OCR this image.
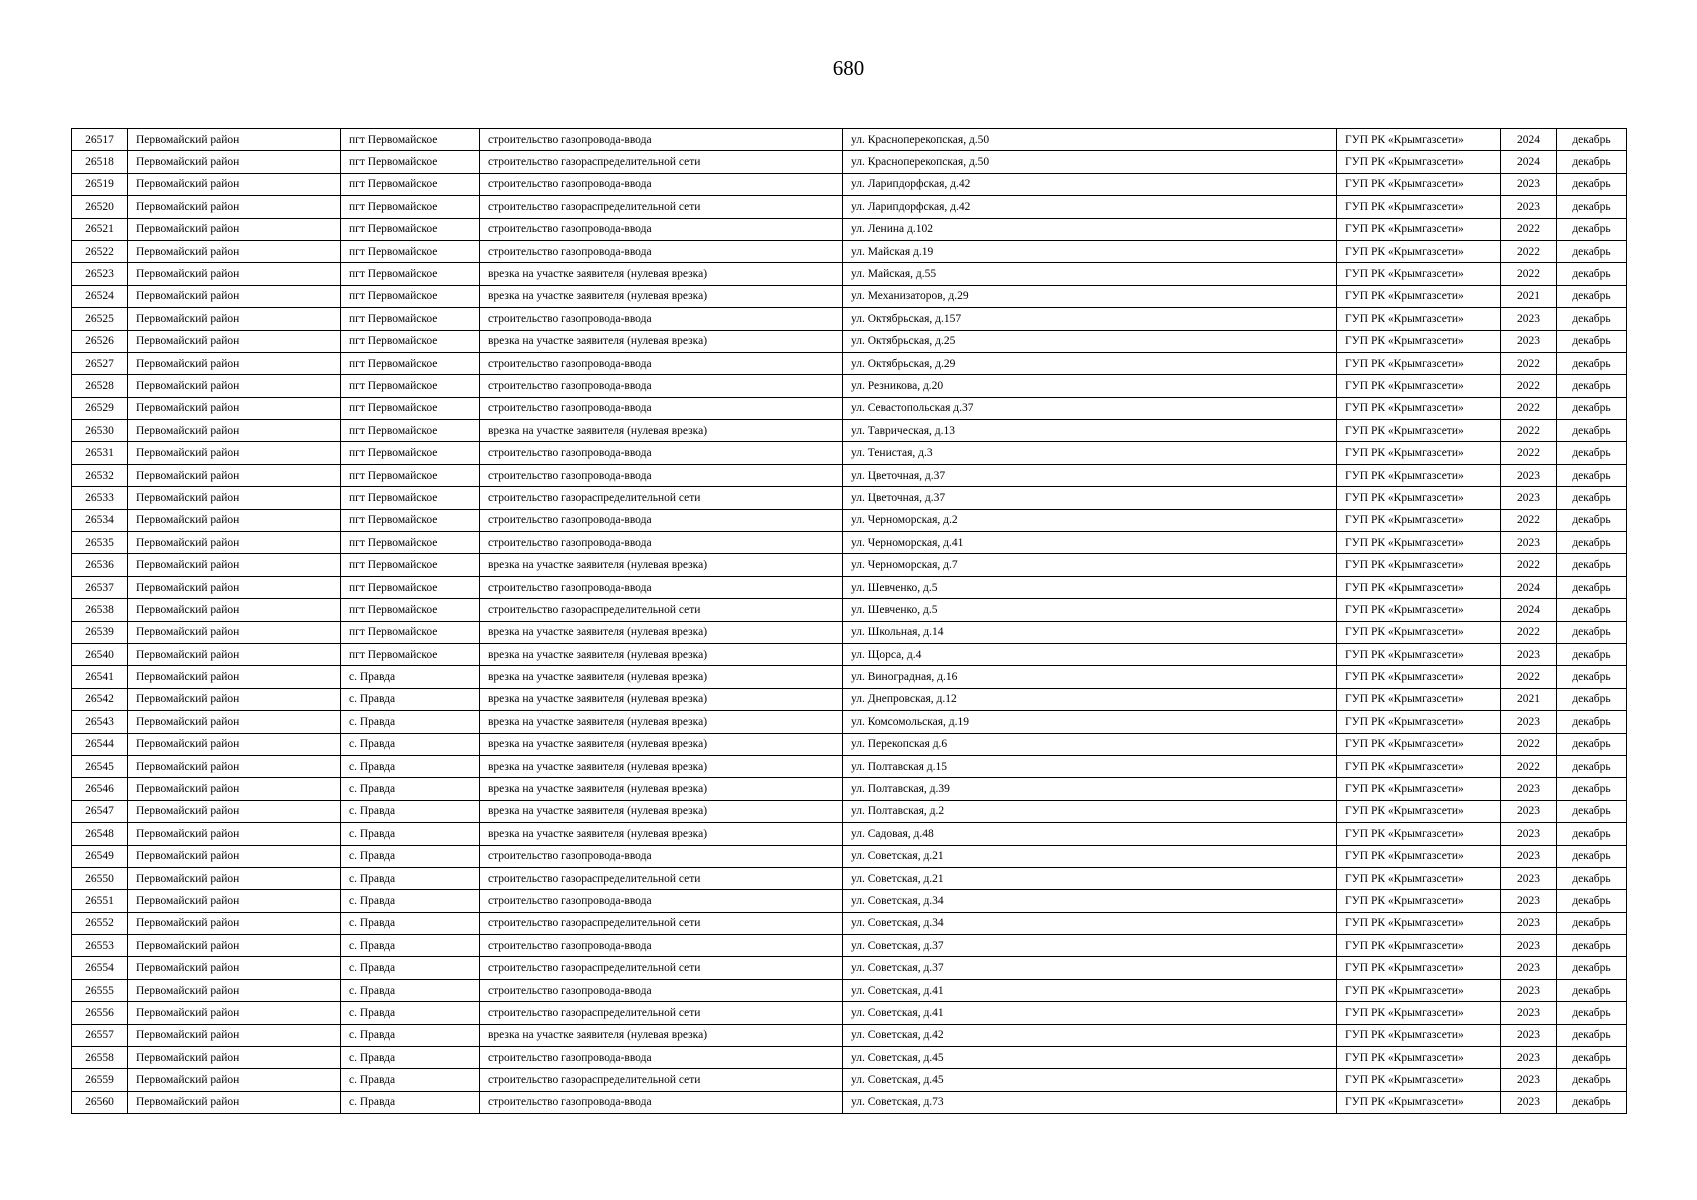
680
26517	Первомайский район	пгт Первомайское	строительство газопровода-ввода	ул. Красноперекопская, д.50	ГУП РК «Крымгазсети»	2024	декабрь
26518	Первомайский район	пгт Первомайское	строительство газораспределительной сети	ул. Красноперекопская, д.50	ГУП РК «Крымгазсети»	2024	декабрь
26519	Первомайский район	пгт Первомайское	строительство газопровода-ввода	ул. Ларипдорфская, д.42	ГУП РК «Крымгазсети»	2023	декабрь
26520	Первомайский район	пгт Первомайское	строительство газораспределительной сети	ул. Ларипдорфская, д.42	ГУП РК «Крымгазсети»	2023	декабрь
26521	Первомайский район	пгт Первомайское	строительство газопровода-ввода	ул. Ленина д.102	ГУП РК «Крымгазсети»	2022	декабрь
26522	Первомайский район	пгт Первомайское	строительство газопровода-ввода	ул. Майская д.19	ГУП РК «Крымгазсети»	2022	декабрь
26523	Первомайский район	пгт Первомайское	врезка на участке заявителя (нулевая врезка)	ул. Майская, д.55	ГУП РК «Крымгазсети»	2022	декабрь
26524	Первомайский район	пгт Первомайское	врезка на участке заявителя (нулевая врезка)	ул. Механизаторов, д.29	ГУП РК «Крымгазсети»	2021	декабрь
26525	Первомайский район	пгт Первомайское	строительство газопровода-ввода	ул. Октябрьская, д.157	ГУП РК «Крымгазсети»	2023	декабрь
26526	Первомайский район	пгт Первомайское	врезка на участке заявителя (нулевая врезка)	ул. Октябрьская, д.25	ГУП РК «Крымгазсети»	2023	декабрь
26527	Первомайский район	пгт Первомайское	строительство газопровода-ввода	ул. Октябрьская, д.29	ГУП РК «Крымгазсети»	2022	декабрь
26528	Первомайский район	пгт Первомайское	строительство газопровода-ввода	ул. Резникова, д.20	ГУП РК «Крымгазсети»	2022	декабрь
26529	Первомайский район	пгт Первомайское	строительство газопровода-ввода	ул. Севастопольская д.37	ГУП РК «Крымгазсети»	2022	декабрь
26530	Первомайский район	пгт Первомайское	врезка на участке заявителя (нулевая врезка)	ул. Таврическая, д.13	ГУП РК «Крымгазсети»	2022	декабрь
26531	Первомайский район	пгт Первомайское	строительство газопровода-ввода	ул. Тенистая, д.3	ГУП РК «Крымгазсети»	2022	декабрь
26532	Первомайский район	пгт Первомайское	строительство газопровода-ввода	ул. Цветочная, д.37	ГУП РК «Крымгазсети»	2023	декабрь
26533	Первомайский район	пгт Первомайское	строительство газораспределительной сети	ул. Цветочная, д.37	ГУП РК «Крымгазсети»	2023	декабрь
26534	Первомайский район	пгт Первомайское	строительство газопровода-ввода	ул. Черноморская, д.2	ГУП РК «Крымгазсети»	2022	декабрь
26535	Первомайский район	пгт Первомайское	строительство газопровода-ввода	ул. Черноморская, д.41	ГУП РК «Крымгазсети»	2023	декабрь
26536	Первомайский район	пгт Первомайское	врезка на участке заявителя (нулевая врезка)	ул. Черноморская, д.7	ГУП РК «Крымгазсети»	2022	декабрь
26537	Первомайский район	пгт Первомайское	строительство газопровода-ввода	ул. Шевченко, д.5	ГУП РК «Крымгазсети»	2024	декабрь
26538	Первомайский район	пгт Первомайское	строительство газораспределительной сети	ул. Шевченко, д.5	ГУП РК «Крымгазсети»	2024	декабрь
26539	Первомайский район	пгт Первомайское	врезка на участке заявителя (нулевая врезка)	ул. Школьная, д.14	ГУП РК «Крымгазсети»	2022	декабрь
26540	Первомайский район	пгт Первомайское	врезка на участке заявителя (нулевая врезка)	ул. Щорса, д.4	ГУП РК «Крымгазсети»	2023	декабрь
26541	Первомайский район	с. Правда	врезка на участке заявителя (нулевая врезка)	ул. Виноградная, д.16	ГУП РК «Крымгазсети»	2022	декабрь
26542	Первомайский район	с. Правда	врезка на участке заявителя (нулевая врезка)	ул. Днепровская, д.12	ГУП РК «Крымгазсети»	2021	декабрь
26543	Первомайский район	с. Правда	врезка на участке заявителя (нулевая врезка)	ул. Комсомольская, д.19	ГУП РК «Крымгазсети»	2023	декабрь
26544	Первомайский район	с. Правда	врезка на участке заявителя (нулевая врезка)	ул. Перекопская д.6	ГУП РК «Крымгазсети»	2022	декабрь
26545	Первомайский район	с. Правда	врезка на участке заявителя (нулевая врезка)	ул. Полтавская д.15	ГУП РК «Крымгазсети»	2022	декабрь
26546	Первомайский район	с. Правда	врезка на участке заявителя (нулевая врезка)	ул. Полтавская, д.39	ГУП РК «Крымгазсети»	2023	декабрь
26547	Первомайский район	с. Правда	врезка на участке заявителя (нулевая врезка)	ул. Полтавская, д.2	ГУП РК «Крымгазсети»	2023	декабрь
26548	Первомайский район	с. Правда	врезка на участке заявителя (нулевая врезка)	ул. Садовая, д.48	ГУП РК «Крымгазсети»	2023	декабрь
26549	Первомайский район	с. Правда	строительство газопровода-ввода	ул. Советская, д.21	ГУП РК «Крымгазсети»	2023	декабрь
26550	Первомайский район	с. Правда	строительство газораспределительной сети	ул. Советская, д.21	ГУП РК «Крымгазсети»	2023	декабрь
26551	Первомайский район	с. Правда	строительство газопровода-ввода	ул. Советская, д.34	ГУП РК «Крымгазсети»	2023	декабрь
26552	Первомайский район	с. Правда	строительство газораспределительной сети	ул. Советская, д.34	ГУП РК «Крымгазсети»	2023	декабрь
26553	Первомайский район	с. Правда	строительство газопровода-ввода	ул. Советская, д.37	ГУП РК «Крымгазсети»	2023	декабрь
26554	Первомайский район	с. Правда	строительство газораспределительной сети	ул. Советская, д.37	ГУП РК «Крымгазсети»	2023	декабрь
26555	Первомайский район	с. Правда	строительство газопровода-ввода	ул. Советская, д.41	ГУП РК «Крымгазсети»	2023	декабрь
26556	Первомайский район	с. Правда	строительство газораспределительной сети	ул. Советская, д.41	ГУП РК «Крымгазсети»	2023	декабрь
26557	Первомайский район	с. Правда	врезка на участке заявителя (нулевая врезка)	ул. Советская, д.42	ГУП РК «Крымгазсети»	2023	декабрь
26558	Первомайский район	с. Правда	строительство газопровода-ввода	ул. Советская, д.45	ГУП РК «Крымгазсети»	2023	декабрь
26559	Первомайский район	с. Правда	строительство газораспределительной сети	ул. Советская, д.45	ГУП РК «Крымгазсети»	2023	декабрь
26560	Первомайский район	с. Правда	строительство газопровода-ввода	ул. Советская, д.73	ГУП РК «Крымгазсети»	2023	декабрь
